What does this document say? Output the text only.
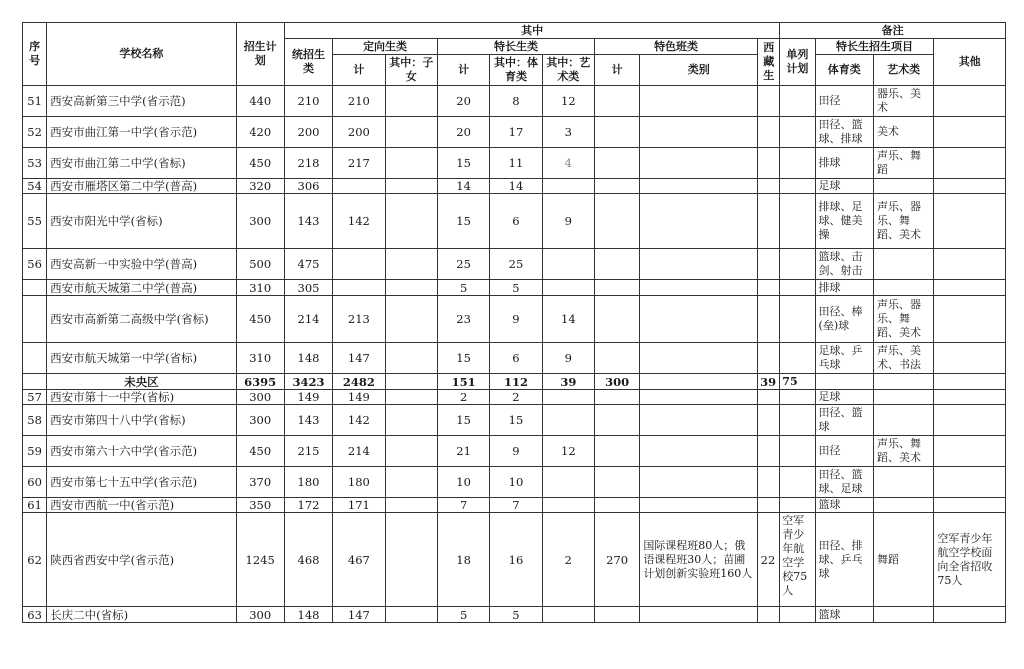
序号	学校名称	招生计划	其中									备注			
			统招生类	定向生类		特长生类			特色班类		西藏生	单列计划	特长生招生项目		其他
				计	其中：子女	计	其中：体育类	其中：艺术类	计	类别			体育类	艺术类	
51	西安高新第三中学(省示范)	440	210	210		20	8	12					田径	器乐、美术	
52	西安市曲江第一中学(省示范)	420	200	200		20	17	3					田径、篮球、排球	美术	
53	西安市曲江第二中学(省标)	450	218	217		15	11	4					排球	声乐、舞蹈	
54	西安市雁塔区第二中学(普高)	320	306			14	14						足球		
55	西安市阳光中学(省标)	300	143	142		15	6	9					排球、足球、健美操	声乐、器乐、舞蹈、美术	
56	西安高新一中实验中学(普高)	500	475			25	25						篮球、击剑、射击		
	西安市航天城第二中学(普高)	310	305			5	5						排球		
	西安市高新第二高级中学(省标)	450	214	213		23	9	14					田径、棒(垒)球	声乐、器乐、舞蹈、美术	
	西安市航天城第一中学(省标)	310	148	147		15	6	9					足球、乒乓球	声乐、美术、书法	
	未央区	6395	3423	2482		151	112	39	300		39	75			
57	西安市第十一中学(省标)	300	149	149		2	2						足球		
58	西安市第四十八中学(省标)	300	143	142		15	15						田径、篮球		
59	西安市第六十六中学(省示范)	450	215	214		21	9	12					田径	声乐、舞蹈、美术	
60	西安市第七十五中学(省示范)	370	180	180		10	10						田径、篮球、足球		
61	西安市西航一中(省示范)	350	172	171		7	7						篮球		
62	陕西省西安中学(省示范)	1245	468	467		18	16	2	270	国际课程班80人；俄语课程班30人；苗圃计划创新实验班160人	22	空军青少年航空学校75人	田径、排球、乒乓球	舞蹈	空军青少年航空学校面向全省招收75人
63	长庆二中(省标)	300	148	147		5	5						篮球		
